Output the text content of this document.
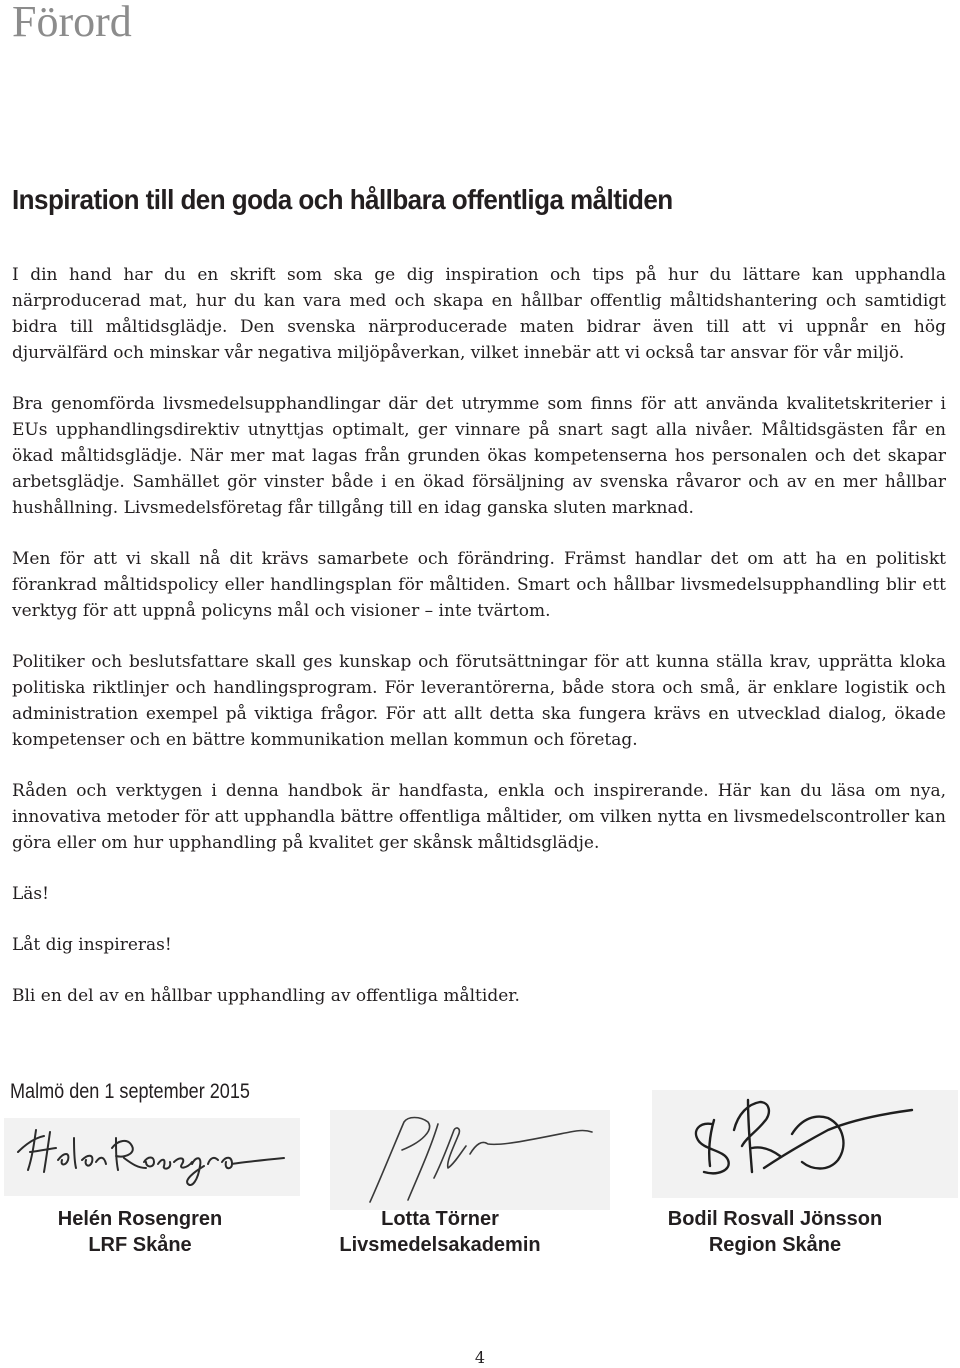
Förord
Inspiration till den goda och hållbara offentliga måltiden

I din hand har du en skrift som ska ge dig inspiration och tips på hur du lättare kan upphandla närproducerad mat, hur du kan vara med och skapa en hållbar offentlig måltidshantering och samtidigt bidra till måltidsglädje. Den svenska närproducerade maten bidrar även till att vi uppnår en hög djurvälfärd och minskar vår negativa miljöpåverkan, vilket innebär att vi också tar ansvar för vår miljö.

Bra genomförda livsmedelsupphandlingar där det utrymme som finns för att använda kvalitetskriterier i EUs upphandlingsdirektiv utnyttjas optimalt, ger vinnare på snart sagt alla nivåer. Måltidsgästen får en ökad måltidsglädje. När mer mat lagas från grunden ökas kompetenserna hos personalen och det skapar arbetsglädje. Samhället gör vinster både i en ökad försäljning av svenska råvaror och av en mer hållbar hushållning. Livsmedelsföretag får tillgång till en idag ganska sluten marknad.

Men för att vi skall nå dit krävs samarbete och förändring. Främst handlar det om att ha en politiskt förankrad måltidspolicy eller handlingsplan för måltiden. Smart och hållbar livsmedelsupphandling blir ett verktyg för att uppnå policyns mål och visioner – inte tvärtom.

Politiker och beslutsfattare skall ges kunskap och förutsättningar för att kunna ställa krav, upprätta kloka politiska riktlinjer och handlingsprogram. För leverantörerna, både stora och små, är enklare logistik och administration exempel på viktiga frågor. För att allt detta ska fungera krävs en utvecklad dialog, ökade kompetenser och en bättre kommunikation mellan kommun och företag.

Råden och verktygen i denna handbok är handfasta, enkla och inspirerande. Här kan du läsa om nya, innovativa metoder för att upphandla bättre offentliga måltider, om vilken nytta en livsmedelscontroller kan göra eller om hur upphandling på kvalitet ger skånsk måltidsglädje.

Läs!

Låt dig inspireras!

Bli en del av en hållbar upphandling av offentliga måltider.

Malmö den 1 september 2015
Helén Rosengren
LRF Skåne
Lotta Törner
Livsmedelsakademin
Bodil Rosvall Jönsson
Region Skåne
4
